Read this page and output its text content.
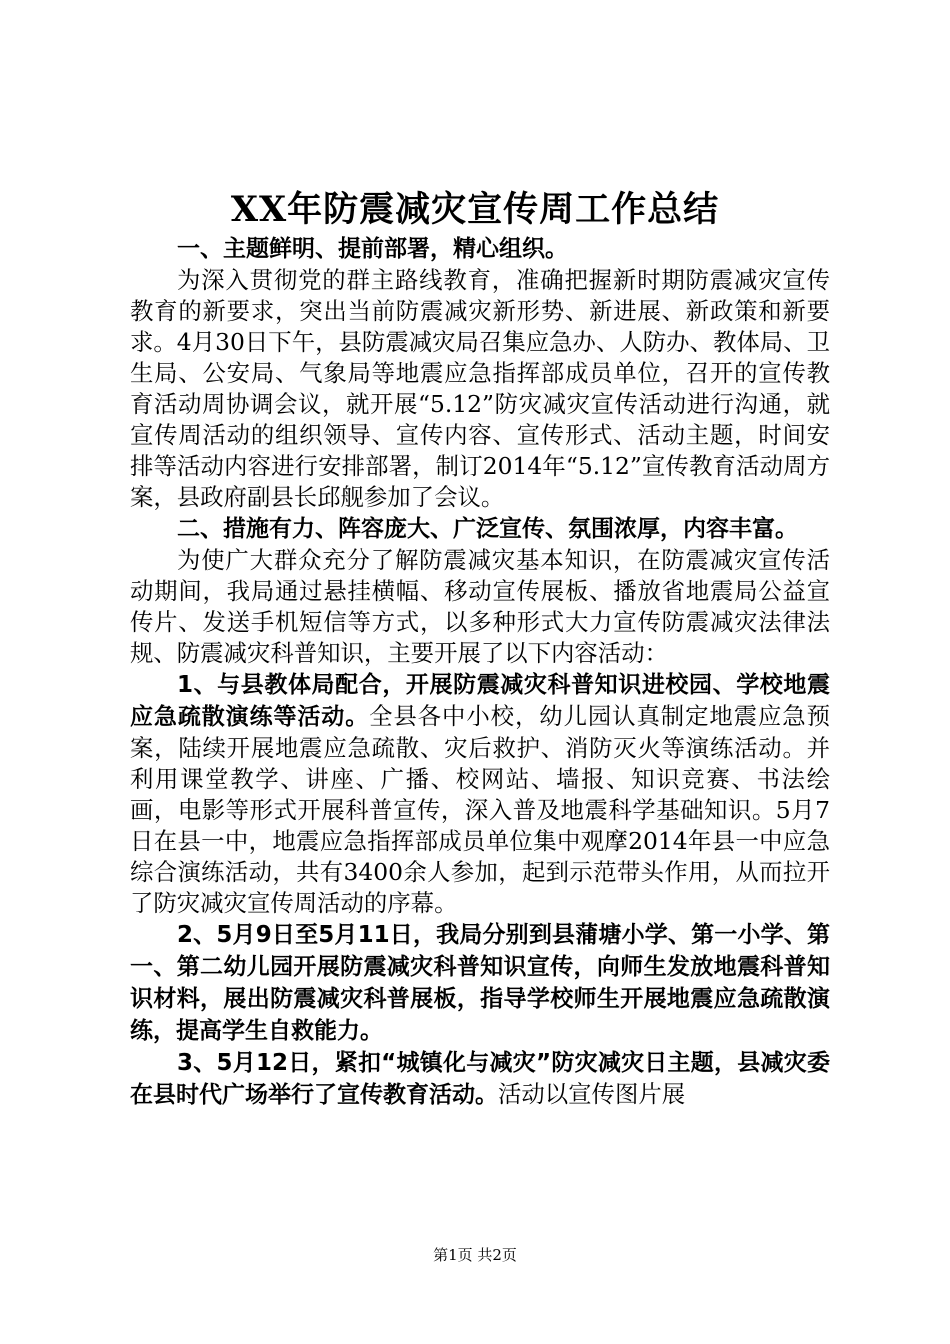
XX年防震减灾宣传周工作总结

一、主题鲜明、提前部署，精心组织。

为深入贯彻党的群主路线教育，准确把握新时期防震减灾宣传教育的新要求，突出当前防震减灾新形势、新进展、新政策和新要求。4月30日下午，县防震减灾局召集应急办、人防办、教体局、卫生局、公安局、气象局等地震应急指挥部成员单位，召开的宣传教育活动周协调会议，就开展“5.12”防灾减灾宣传活动进行沟通，就宣传周活动的组织领导、宣传内容、宣传形式、活动主题，时间安排等活动内容进行安排部署，制订2014年“5.12”宣传教育活动周方案，县政府副县长邱舰参加了会议。

二、措施有力、阵容庞大、广泛宣传、氛围浓厚，内容丰富。

为使广大群众充分了解防震减灾基本知识，在防震减灾宣传活动期间，我局通过悬挂横幅、移动宣传展板、播放省地震局公益宣传片、发送手机短信等方式，以多种形式大力宣传防震减灾法律法规、防震减灾科普知识，主要开展了以下内容活动：

1、与县教体局配合，开展防震减灾科普知识进校园、学校地震应急疏散演练等活动。全县各中小校，幼儿园认真制定地震应急预案，陆续开展地震应急疏散、灾后救护、消防灭火等演练活动。并利用课堂教学、讲座、广播、校网站、墙报、知识竞赛、书法绘画，电影等形式开展科普宣传，深入普及地震科学基础知识。5月7日在县一中，地震应急指挥部成员单位集中观摩2014年县一中应急综合演练活动，共有3400余人参加，起到示范带头作用，从而拉开了防灾减灾宣传周活动的序幕。

2、5月9日至5月11日，我局分别到县蒲塘小学、第一小学、第一、第二幼儿园开展防震减灾科普知识宣传，向师生发放地震科普知识材料，展出防震减灾科普展板，指导学校师生开展地震应急疏散演练，提高学生自救能力。

3、5月12日，紧扣“城镇化与减灾”防灾减灾日主题，县减灾委在县时代广场举行了宣传教育活动。活动以宣传图片展

第1页 共2页
